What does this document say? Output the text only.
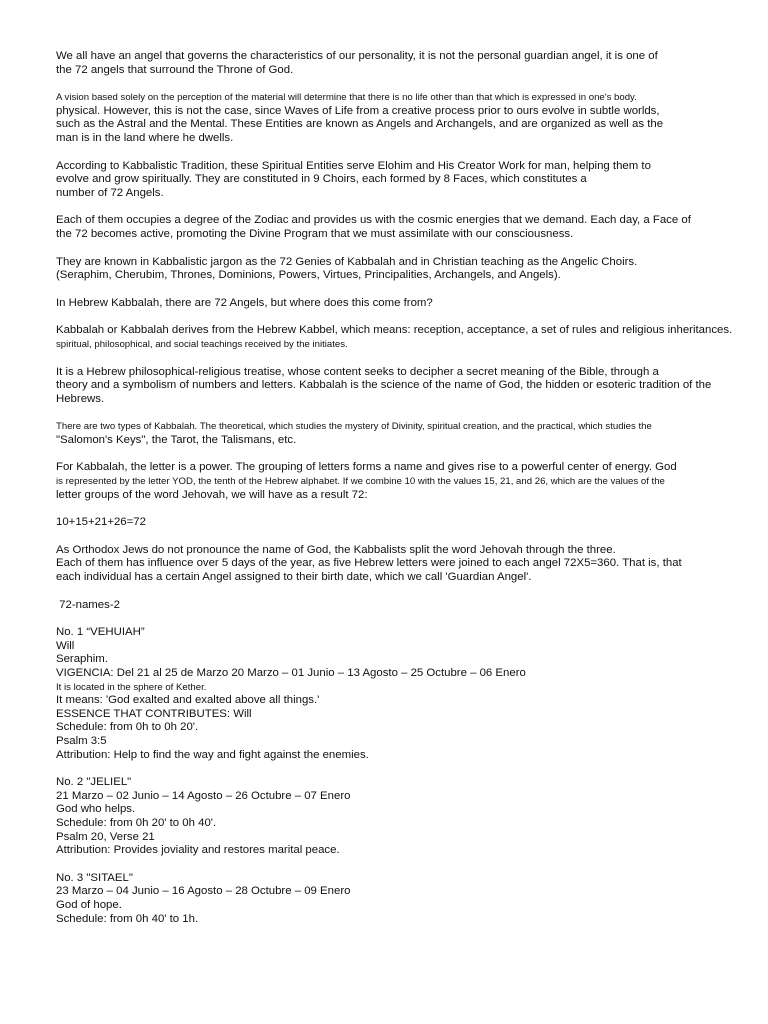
We all have an angel that governs the characteristics of our personality, it is not the personal guardian angel, it is one of
the 72 angels that surround the Throne of God.
A vision based solely on the perception of the material will determine that there is no life other than that which is expressed in one's body.
physical. However, this is not the case, since Waves of Life from a creative process prior to ours evolve in subtle worlds,
such as the Astral and the Mental. These Entities are known as Angels and Archangels, and are organized as well as the
man is in the land where he dwells.
According to Kabbalistic Tradition, these Spiritual Entities serve Elohim and His Creator Work for man, helping them to
evolve and grow spiritually. They are constituted in 9 Choirs, each formed by 8 Faces, which constitutes a
number of 72 Angels.
Each of them occupies a degree of the Zodiac and provides us with the cosmic energies that we demand. Each day, a Face of
the 72 becomes active, promoting the Divine Program that we must assimilate with our consciousness.
They are known in Kabbalistic jargon as the 72 Genies of Kabbalah and in Christian teaching as the Angelic Choirs.
(Seraphim, Cherubim, Thrones, Dominions, Powers, Virtues, Principalities, Archangels, and Angels).
In Hebrew Kabbalah, there are 72 Angels, but where does this come from?
Kabbalah or Kabbalah derives from the Hebrew Kabbel, which means: reception, acceptance, a set of rules and religious inheritances.
spiritual, philosophical, and social teachings received by the initiates.
It is a Hebrew philosophical-religious treatise, whose content seeks to decipher a secret meaning of the Bible, through a
theory and a symbolism of numbers and letters. Kabbalah is the science of the name of God, the hidden or esoteric tradition of the
Hebrews.
There are two types of Kabbalah. The theoretical, which studies the mystery of Divinity, spiritual creation, and the practical, which studies the
"Salomon's Keys", the Tarot, the Talismans, etc.
For Kabbalah, the letter is a power. The grouping of letters forms a name and gives rise to a powerful center of energy. God
is represented by the letter YOD, the tenth of the Hebrew alphabet. If we combine 10 with the values 15, 21, and 26, which are the values of the
letter groups of the word Jehovah, we will have as a result 72:
10+15+21+26=72
As Orthodox Jews do not pronounce the name of God, the Kabbalists split the word Jehovah through the three.
Each of them has influence over 5 days of the year, as five Hebrew letters were joined to each angel 72X5=360. That is, that
each individual has a certain Angel assigned to their birth date, which we call 'Guardian Angel'.
72-names-2
No. 1 “VEHUIAH”
Will
Seraphim.
VIGENCIA: Del 21 al 25 de Marzo 20 Marzo – 01 Junio – 13 Agosto – 25 Octubre – 06 Enero
It is located in the sphere of Kether.
It means: 'God exalted and exalted above all things.'
ESSENCE THAT CONTRIBUTES: Will
Schedule: from 0h to 0h 20'.
Psalm 3:5
Attribution: Help to find the way and fight against the enemies.
No. 2 "JELIEL"
21 Marzo – 02 Junio – 14 Agosto – 26 Octubre – 07 Enero
God who helps.
Schedule: from 0h 20' to 0h 40'.
Psalm 20, Verse 21
Attribution: Provides joviality and restores marital peace.
No. 3 "SITAEL"
23 Marzo – 04 Junio – 16 Agosto – 28 Octubre – 09 Enero
God of hope.
Schedule: from 0h 40' to 1h.
